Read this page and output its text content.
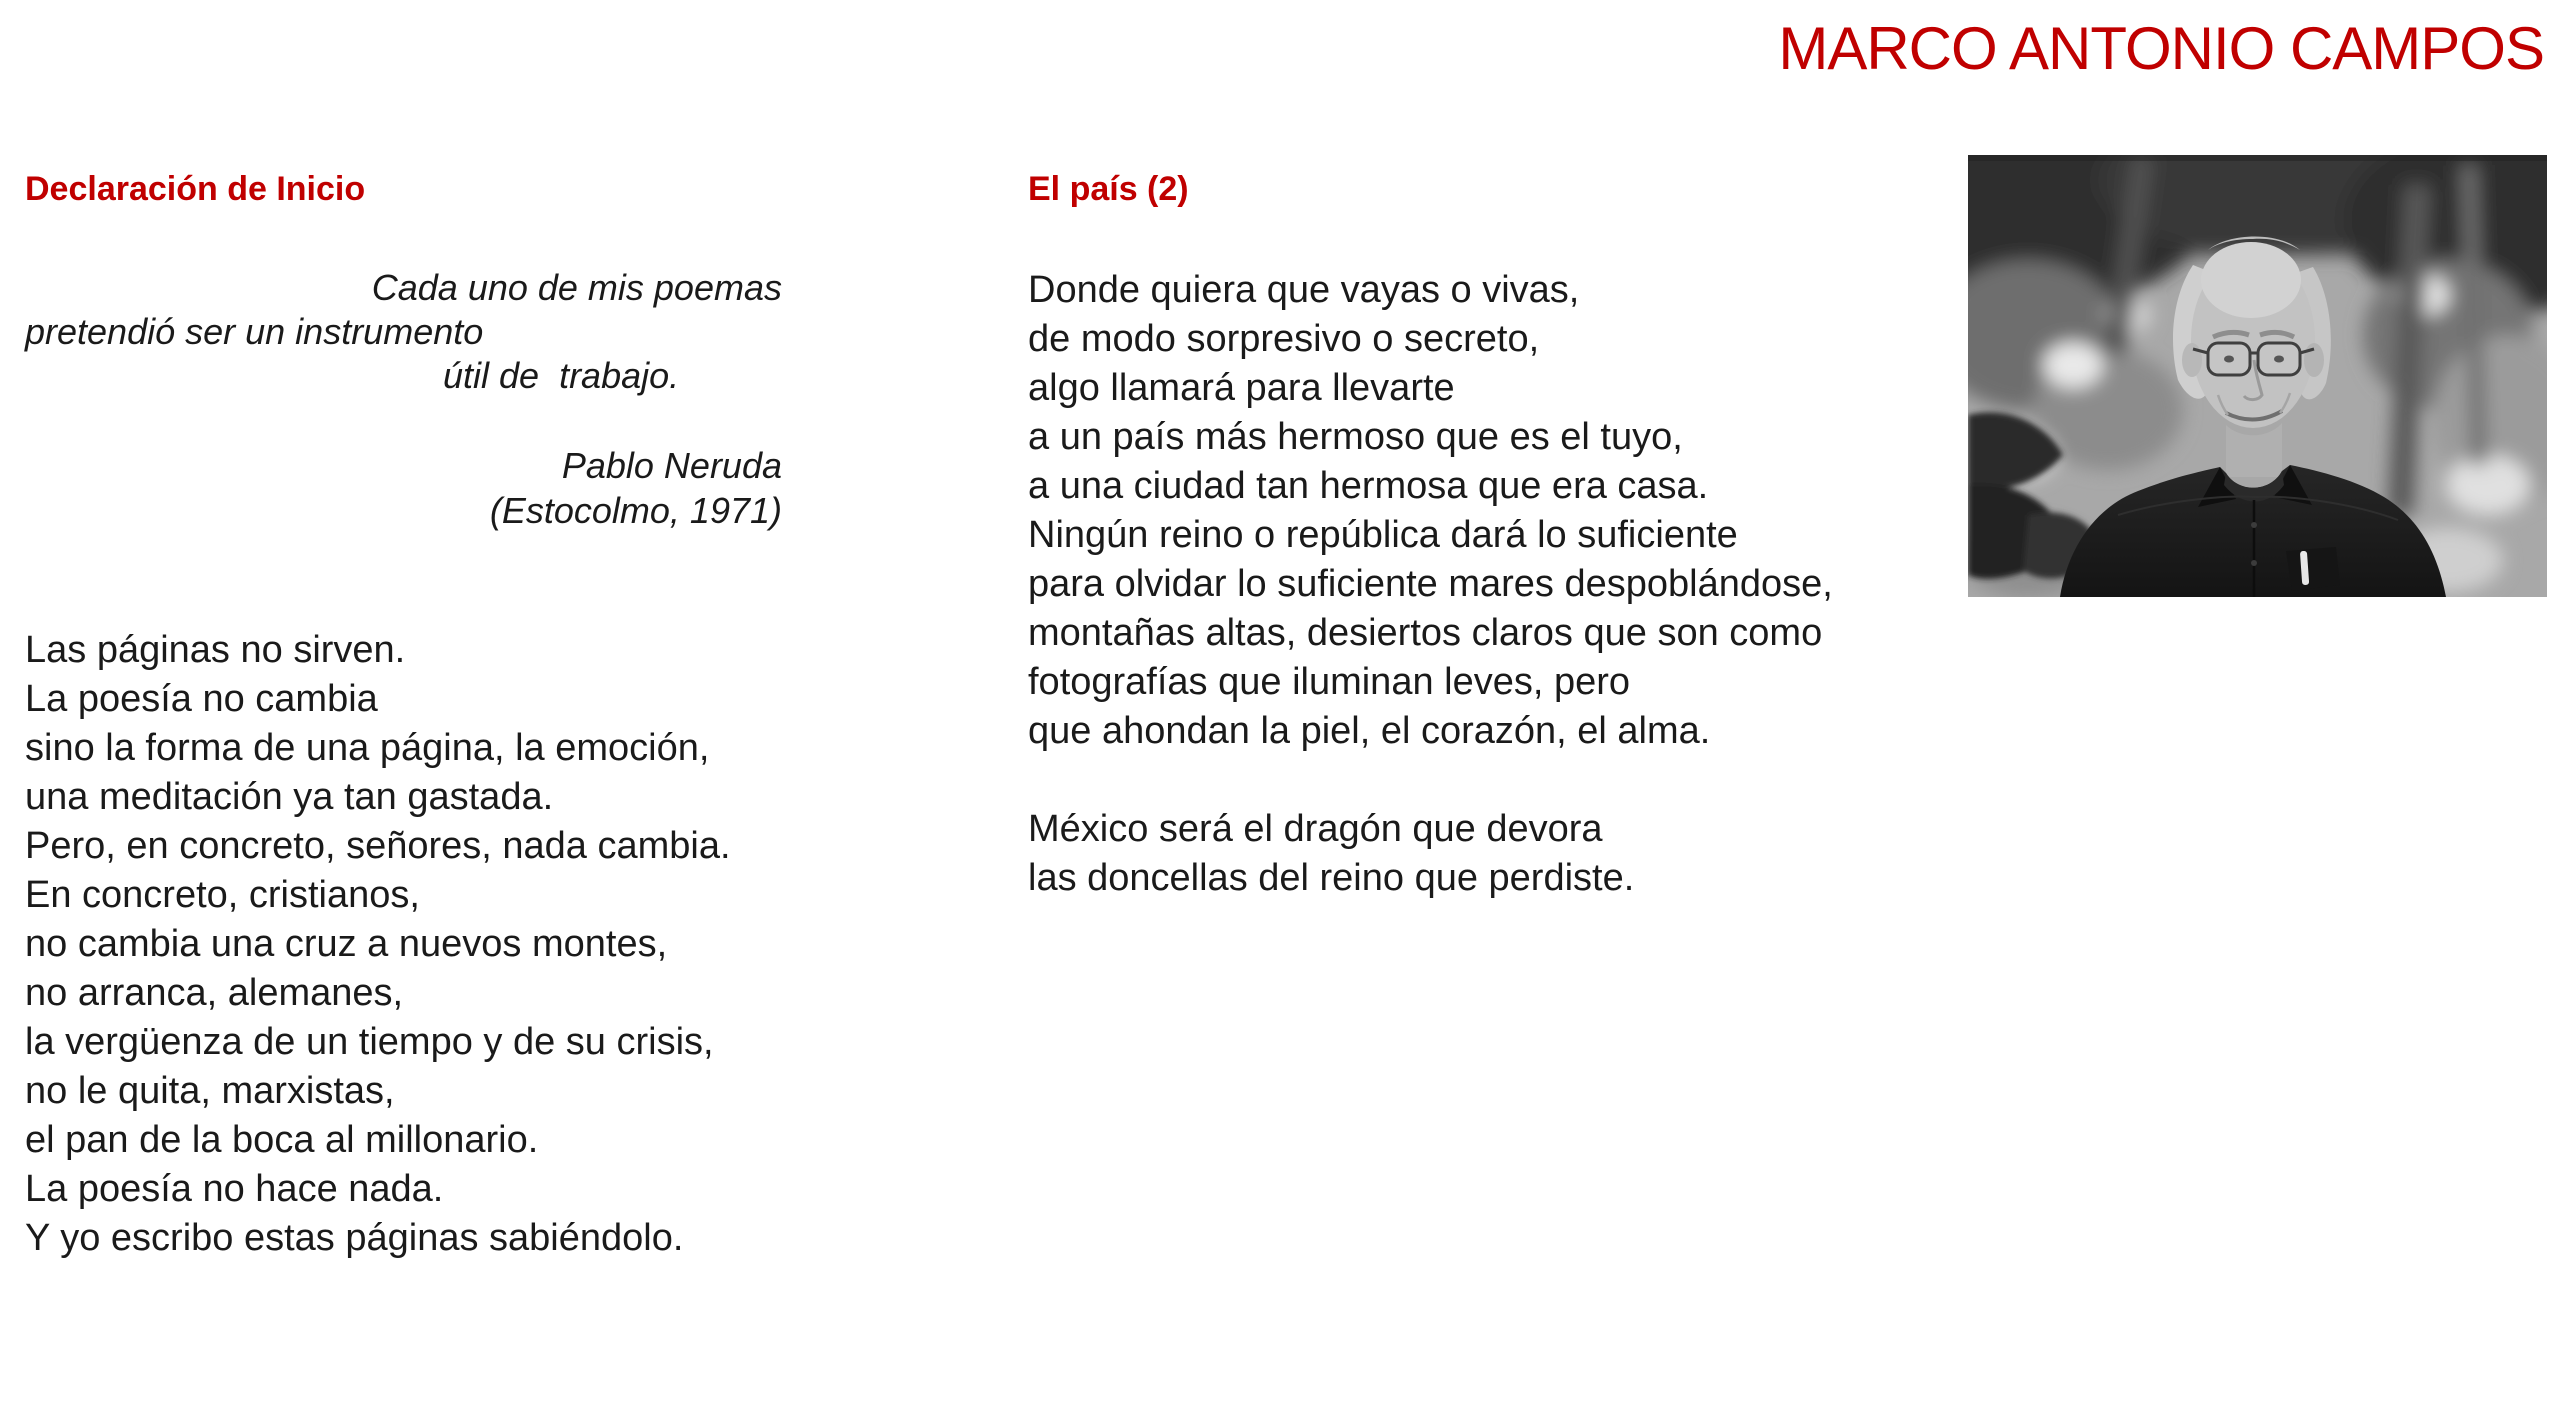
MARCO ANTONIO CAMPOS
Declaración de Inicio
Cada uno de mis poemas
pretendió ser un instrumento
útil de  trabajo.
Pablo Neruda
(Estocolmo, 1971)
Las páginas no sirven.
La poesía no cambia
sino la forma de una página, la emoción,
una meditación ya tan gastada.
Pero, en concreto, señores, nada cambia.
En concreto, cristianos,
no cambia una cruz a nuevos montes,
no arranca, alemanes,
la vergüenza de un tiempo y de su crisis,
no le quita, marxistas,
el pan de la boca al millonario.
La poesía no hace nada.
Y yo escribo estas páginas sabiéndolo.
El país (2)
Donde quiera que vayas o vivas,
de modo sorpresivo o secreto,
algo llamará para llevarte
a un país más hermoso que es el tuyo,
a una ciudad tan hermosa que era casa.
Ningún reino o república dará lo suficiente
para olvidar lo suficiente mares despoblándose,
montañas altas, desiertos claros que son como
fotografías que iluminan leves, pero
que ahondan la piel, el corazón, el alma.
México será el dragón que devora
las doncellas del reino que perdiste.
